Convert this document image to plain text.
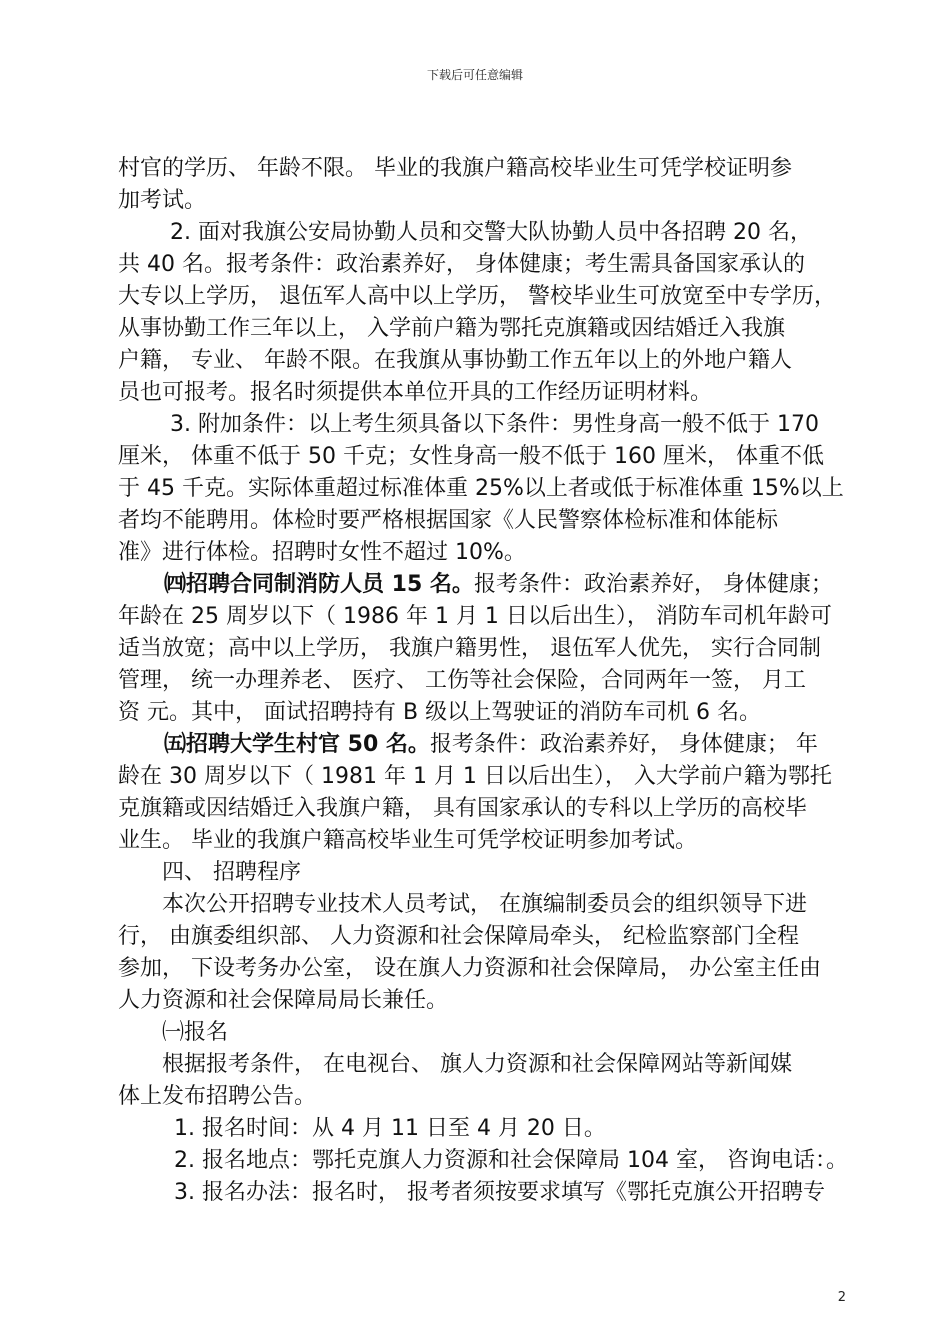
下载后可任意编辑
村官的学历、 年龄不限。 毕业的我旗户籍高校毕业生可凭学校证明参
加考试。
2. 面对我旗公安局协勤人员和交警大队协勤人员中各招聘 20 名，
共 40 名。报考条件：政治素养好， 身体健康；考生需具备国家承认的
大专以上学历， 退伍军人高中以上学历， 警校毕业生可放宽至中专学历，
从事协勤工作三年以上， 入学前户籍为鄂托克旗籍或因结婚迁入我旗
户籍， 专业、 年龄不限。在我旗从事协勤工作五年以上的外地户籍人
员也可报考。报名时须提供本单位开具的工作经历证明材料。
3. 附加条件：以上考生须具备以下条件：男性身高一般不低于 170
厘米， 体重不低于 50 千克；女性身高一般不低于 160 厘米， 体重不低
于 45 千克。实际体重超过标准体重 25%以上者或低于标准体重 15%以上
者均不能聘用。体检时要严格根据国家《人民警察体检标准和体能标
准》进行体检。招聘时女性不超过 10%。
㈣招聘合同制消防人员 15 名。报考条件：政治素养好， 身体健康；
年龄在 25 周岁以下（ 1986 年 1 月 1 日以后出生）， 消防车司机年龄可
适当放宽；高中以上学历， 我旗户籍男性， 退伍军人优先， 实行合同制
管理， 统一办理养老、 医疗、 工伤等社会保险，合同两年一签， 月工
资 元。其中， 面试招聘持有 B 级以上驾驶证的消防车司机 6 名。
㈤招聘大学生村官 50 名。报考条件：政治素养好， 身体健康； 年
龄在 30 周岁以下（ 1981 年 1 月 1 日以后出生）， 入大学前户籍为鄂托
克旗籍或因结婚迁入我旗户籍， 具有国家承认的专科以上学历的高校毕
业生。 毕业的我旗户籍高校毕业生可凭学校证明参加考试。
四、 招聘程序
本次公开招聘专业技术人员考试， 在旗编制委员会的组织领导下进
行， 由旗委组织部、 人力资源和社会保障局牵头， 纪检监察部门全程
参加， 下设考务办公室， 设在旗人力资源和社会保障局， 办公室主任由
人力资源和社会保障局局长兼任。
㈠报名
根据报考条件， 在电视台、 旗人力资源和社会保障网站等新闻媒
体上发布招聘公告。
1. 报名时间：从 4 月 11 日至 4 月 20 日。
2. 报名地点：鄂托克旗人力资源和社会保障局 104 室， 咨询电话：。
3. 报名办法：报名时， 报考者须按要求填写《鄂托克旗公开招聘专
2
